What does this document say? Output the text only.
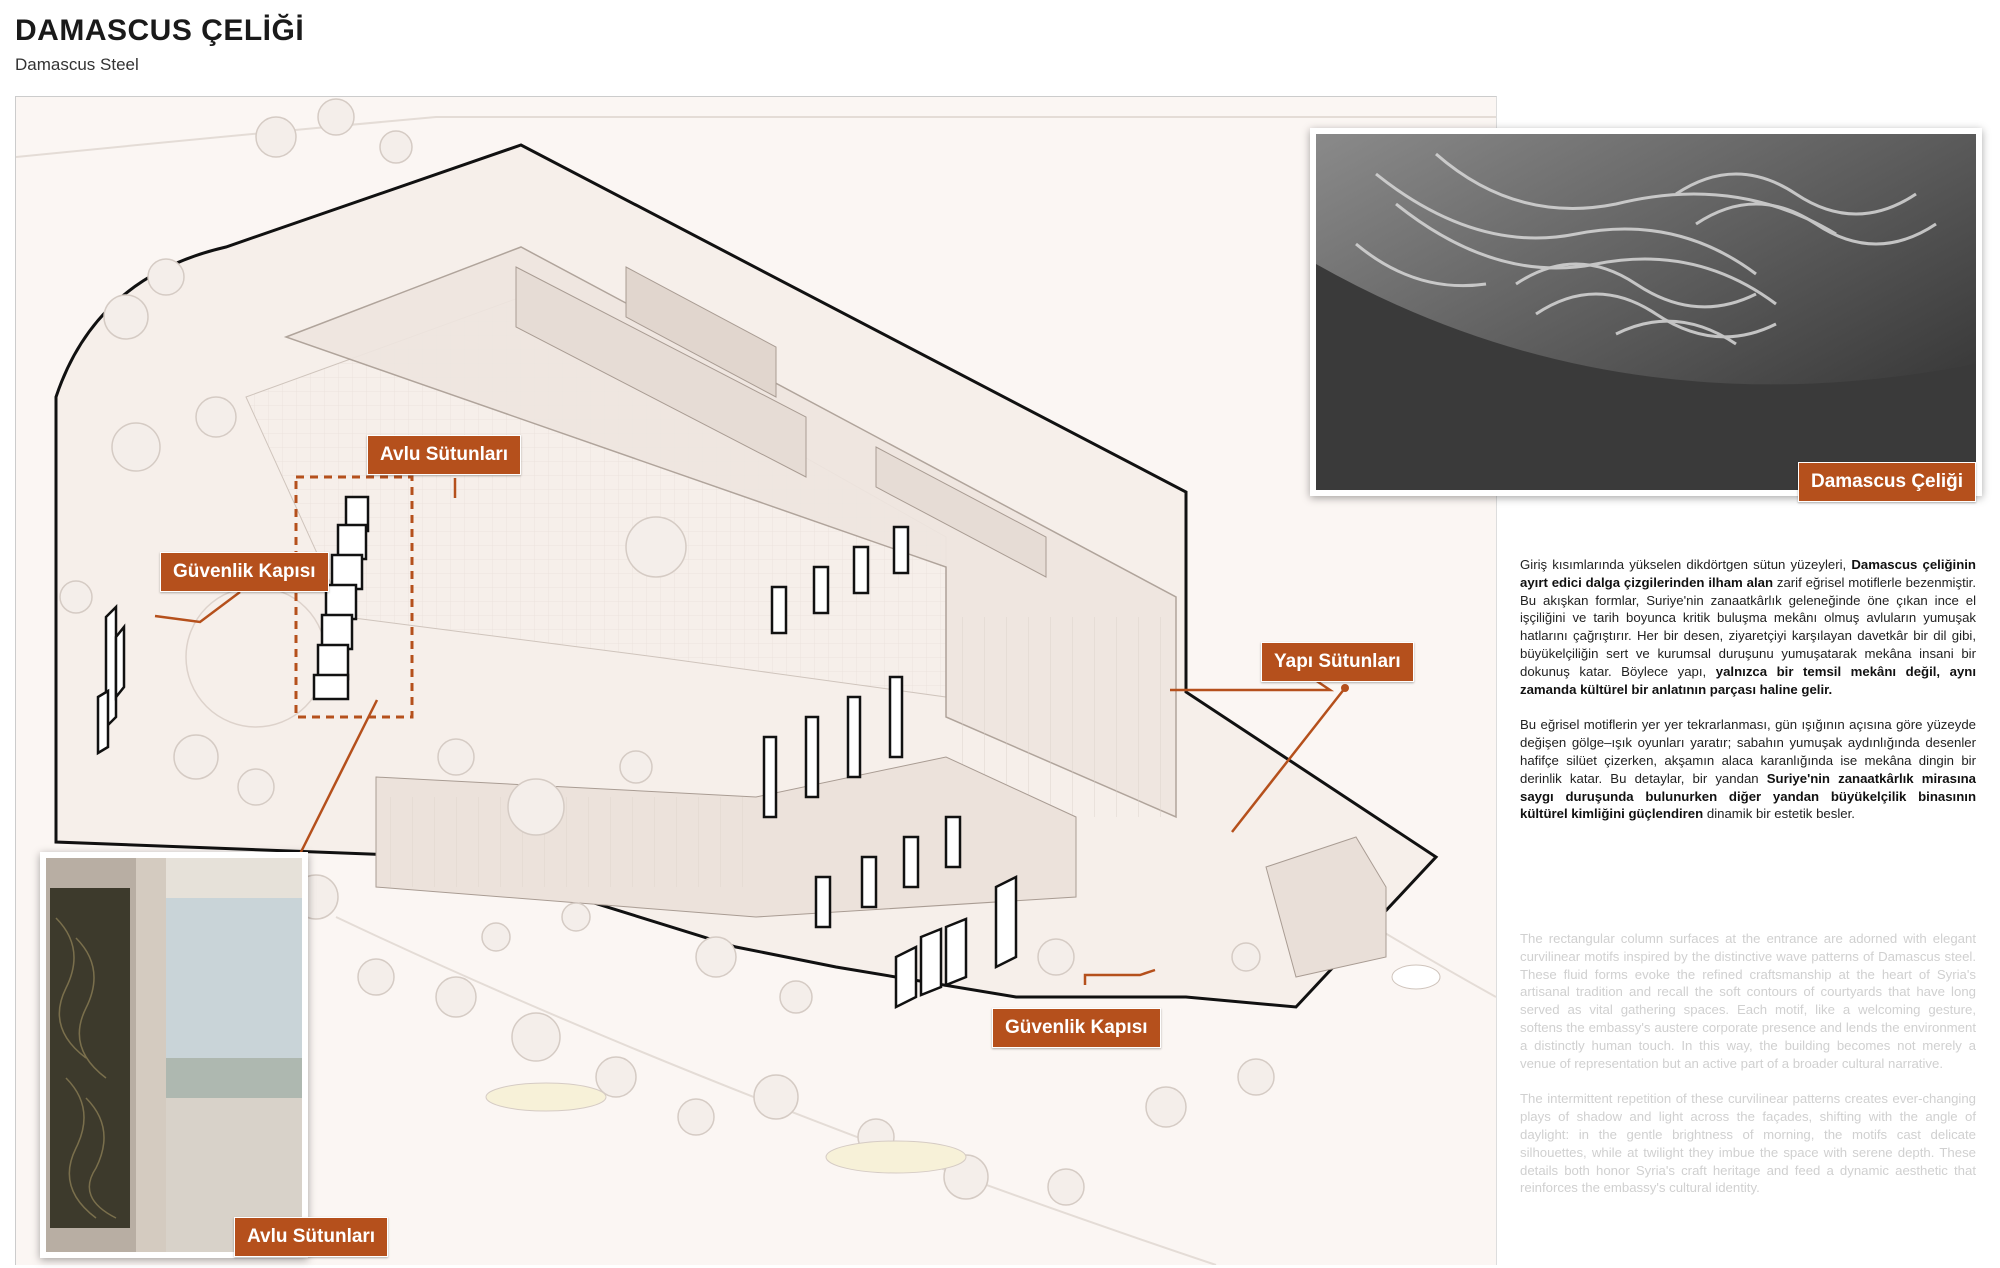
DAMASCUS ÇELİĞİ
Damascus Steel
Avlu Sütunları
Güvenlik Kapısı
Yapı Sütunları
Güvenlik Kapısı
Damascus Çeliği
Avlu Sütunları

Giriş kısımlarında yükselen dikdörtgen sütun yüzeyleri, Damascus çeliğinin ayırt edici dalga çizgilerinden ilham alan zarif eğrisel motiflerle bezenmiştir. Bu akışkan formlar, Suriye'nin zanaatkârlık geleneğinde öne çıkan ince el işçiliğini ve tarih boyunca kritik buluşma mekânı olmuş avluların yumuşak hatlarını çağrıştırır. Her bir desen, ziyaretçiyi karşılayan davetkâr bir dil gibi, büyükelçiliğin sert ve kurumsal duruşunu yumuşatarak mekâna insani bir dokunuş katar. Böylece yapı, yalnızca bir temsil mekânı değil, aynı zamanda kültürel bir anlatının parçası haline gelir.

Bu eğrisel motiflerin yer yer tekrarlanması, gün ışığının açısına göre yüzeyde değişen gölge–ışık oyunları yaratır; sabahın yumuşak aydınlığında desenler hafifçe silüet çizerken, akşamın alaca karanlığında ise mekâna dingin bir derinlik katar. Bu detaylar, bir yandan Suriye'nin zanaatkârlık mirasına saygı duruşunda bulunurken diğer yandan büyükelçilik binasının kültürel kimliğini güçlendiren dinamik bir estetik besler.

The rectangular column surfaces at the entrance are adorned with elegant curvilinear motifs inspired by the distinctive wave patterns of Damascus steel. These fluid forms evoke the refined craftsmanship at the heart of Syria's artisanal tradition and recall the soft contours of courtyards that have long served as vital gathering spaces. Each motif, like a welcoming gesture, softens the embassy's austere corporate presence and lends the environment a distinctly human touch. In this way, the building becomes not merely a venue of representation but an active part of a broader cultural narrative.

The intermittent repetition of these curvilinear patterns creates ever-changing plays of shadow and light across the façades, shifting with the angle of daylight: in the gentle brightness of morning, the motifs cast delicate silhouettes, while at twilight they imbue the space with serene depth. These details both honor Syria's craft heritage and feed a dynamic aesthetic that reinforces the embassy's cultural identity.
